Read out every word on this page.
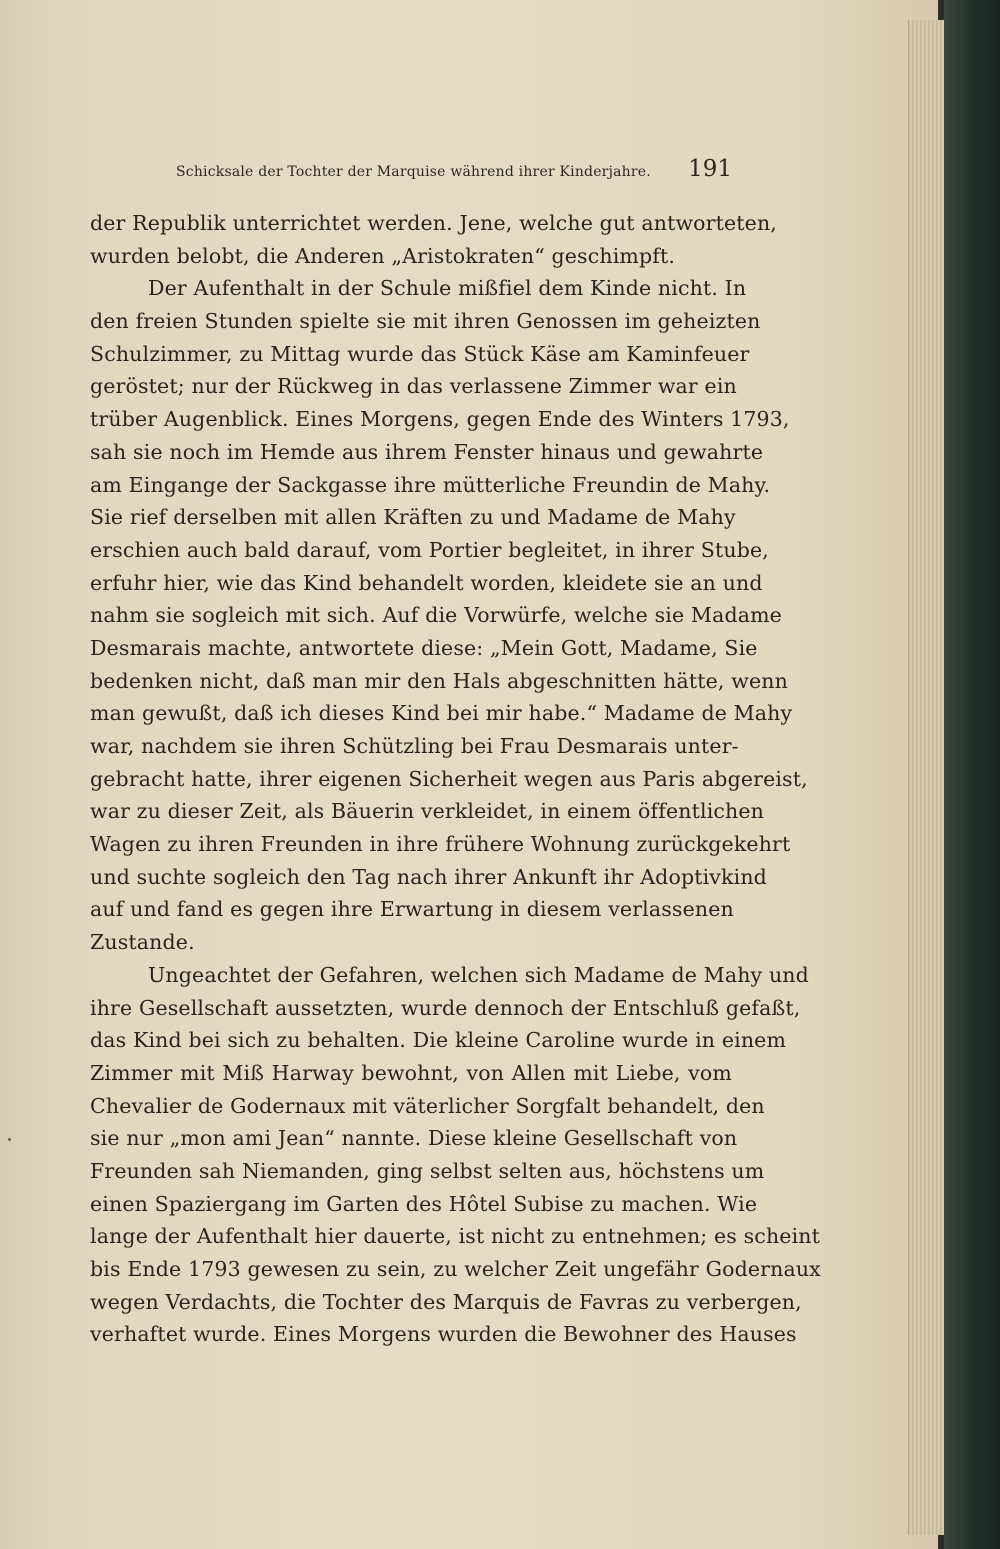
Schicksale der Tochter der Marquise während ihrer Kinderjahre. 191
der Republik unterrichtet werden. Jene, welche gut antworteten,
wurden belobt, die Anderen „Aristokraten“ geschimpft.
Der Aufenthalt in der Schule mißfiel dem Kinde nicht. In
den freien Stunden spielte sie mit ihren Genossen im geheizten
Schulzimmer, zu Mittag wurde das Stück Käse am Kaminfeuer
geröstet; nur der Rückweg in das verlassene Zimmer war ein
trüber Augenblick. Eines Morgens, gegen Ende des Winters 1793,
sah sie noch im Hemde aus ihrem Fenster hinaus und gewahrte
am Eingange der Sackgasse ihre mütterliche Freundin de Mahy.
Sie rief derselben mit allen Kräften zu und Madame de Mahy
erschien auch bald darauf, vom Portier begleitet, in ihrer Stube,
erfuhr hier, wie das Kind behandelt worden, kleidete sie an und
nahm sie sogleich mit sich. Auf die Vorwürfe, welche sie Madame
Desmarais machte, antwortete diese: „Mein Gott, Madame, Sie
bedenken nicht, daß man mir den Hals abgeschnitten hätte, wenn
man gewußt, daß ich dieses Kind bei mir habe.“ Madame de Mahy
war, nachdem sie ihren Schützling bei Frau Desmarais unter-
gebracht hatte, ihrer eigenen Sicherheit wegen aus Paris abgereist,
war zu dieser Zeit, als Bäuerin verkleidet, in einem öffentlichen
Wagen zu ihren Freunden in ihre frühere Wohnung zurückgekehrt
und suchte sogleich den Tag nach ihrer Ankunft ihr Adoptivkind
auf und fand es gegen ihre Erwartung in diesem verlassenen
Zustande.
Ungeachtet der Gefahren, welchen sich Madame de Mahy und
ihre Gesellschaft aussetzten, wurde dennoch der Entschluß gefaßt,
das Kind bei sich zu behalten. Die kleine Caroline wurde in einem
Zimmer mit Miß Harway bewohnt, von Allen mit Liebe, vom
Chevalier de Godernaux mit väterlicher Sorgfalt behandelt, den
sie nur „mon ami Jean“ nannte. Diese kleine Gesellschaft von
Freunden sah Niemanden, ging selbst selten aus, höchstens um
einen Spaziergang im Garten des Hôtel Subise zu machen. Wie
lange der Aufenthalt hier dauerte, ist nicht zu entnehmen; es scheint
bis Ende 1793 gewesen zu sein, zu welcher Zeit ungefähr Godernaux
wegen Verdachts, die Tochter des Marquis de Favras zu verbergen,
verhaftet wurde. Eines Morgens wurden die Bewohner des Hauses
